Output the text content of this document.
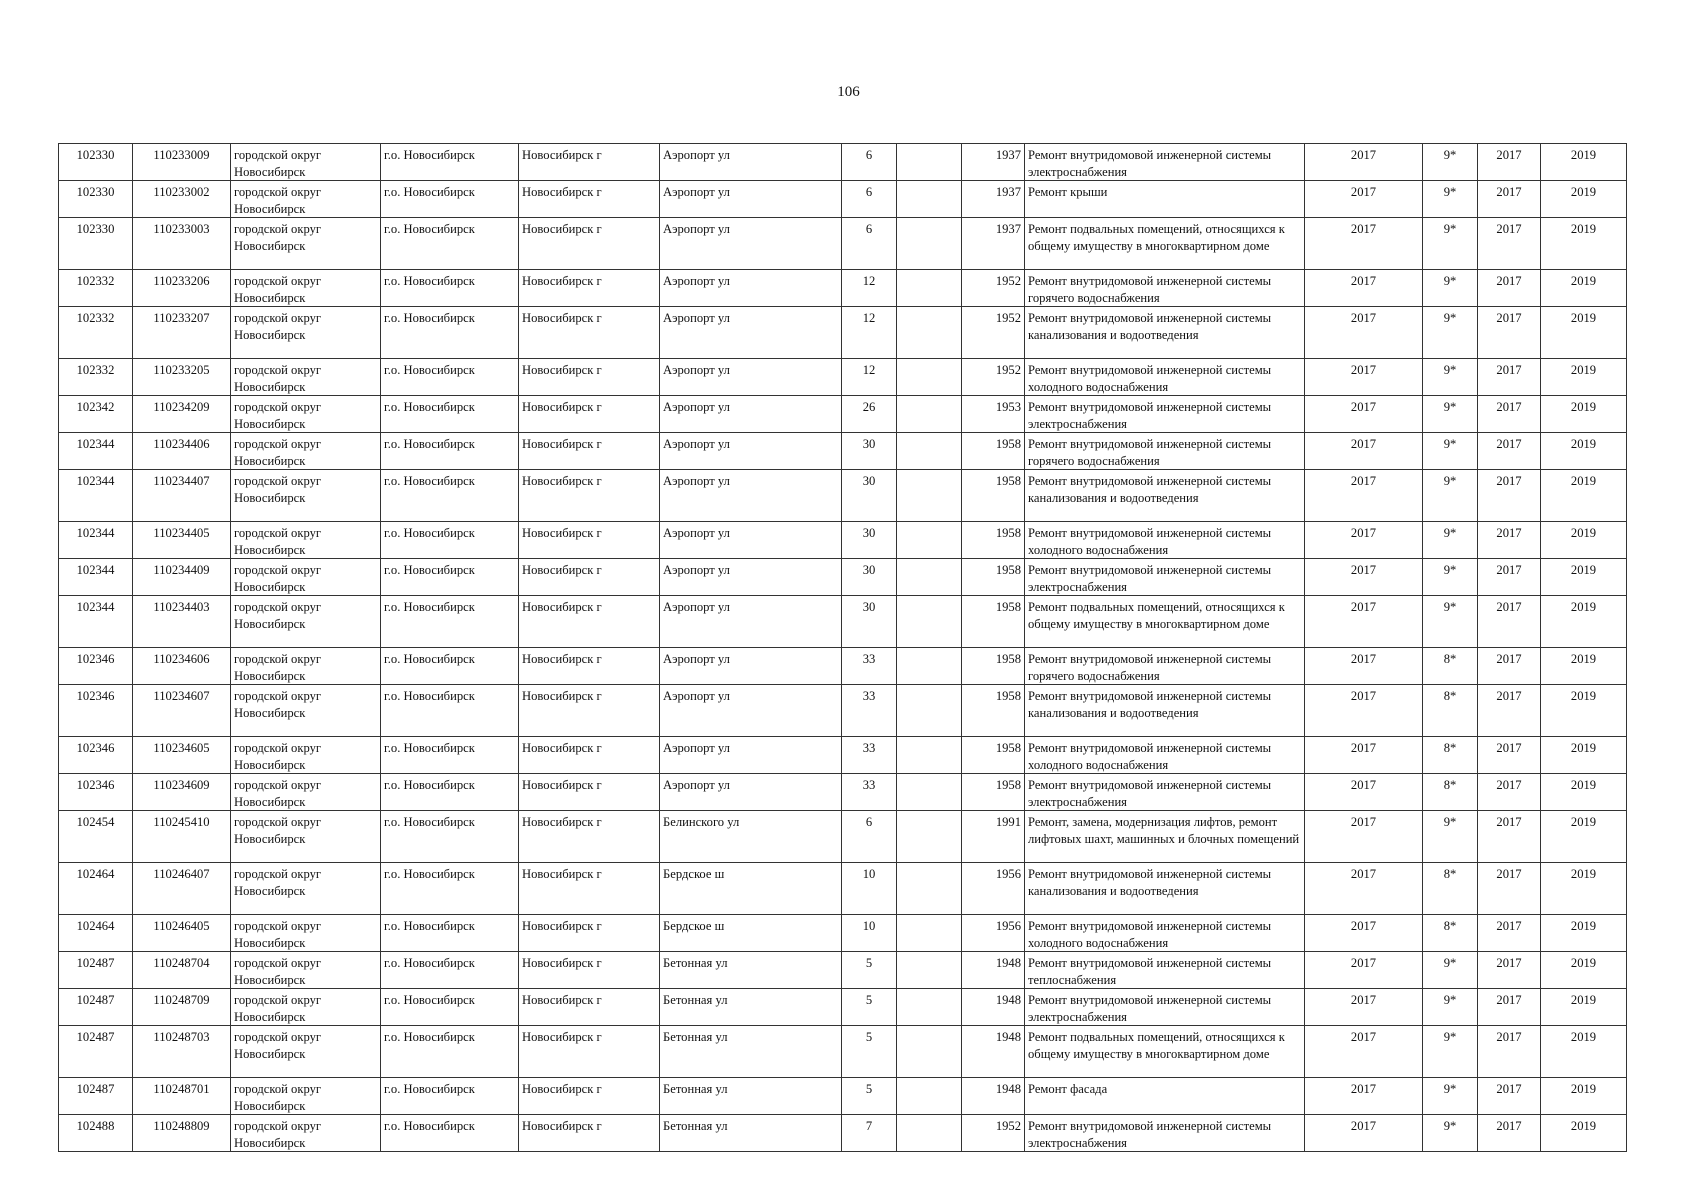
106
102330	110233009	городской округ Новосибирск	г.о. Новосибирск	Новосибирск г	Аэропорт ул	6		1937	Ремонт внутридомовой инженерной системы электроснабжения	2017	9*	2017	2019
102330	110233002	городской округ Новосибирск	г.о. Новосибирск	Новосибирск г	Аэропорт ул	6		1937	Ремонт крыши	2017	9*	2017	2019
102330	110233003	городской округ Новосибирск	г.о. Новосибирск	Новосибирск г	Аэропорт ул	6		1937	Ремонт подвальных помещений, относящихся к общему имуществу в многоквартирном доме	2017	9*	2017	2019
102332	110233206	городской округ Новосибирск	г.о. Новосибирск	Новосибирск г	Аэропорт ул	12		1952	Ремонт внутридомовой инженерной системы горячего водоснабжения	2017	9*	2017	2019
102332	110233207	городской округ Новосибирск	г.о. Новосибирск	Новосибирск г	Аэропорт ул	12		1952	Ремонт внутридомовой инженерной системы канализования и водоотведения	2017	9*	2017	2019
102332	110233205	городской округ Новосибирск	г.о. Новосибирск	Новосибирск г	Аэропорт ул	12		1952	Ремонт внутридомовой инженерной системы холодного водоснабжения	2017	9*	2017	2019
102342	110234209	городской округ Новосибирск	г.о. Новосибирск	Новосибирск г	Аэропорт ул	26		1953	Ремонт внутридомовой инженерной системы электроснабжения	2017	9*	2017	2019
102344	110234406	городской округ Новосибирск	г.о. Новосибирск	Новосибирск г	Аэропорт ул	30		1958	Ремонт внутридомовой инженерной системы горячего водоснабжения	2017	9*	2017	2019
102344	110234407	городской округ Новосибирск	г.о. Новосибирск	Новосибирск г	Аэропорт ул	30		1958	Ремонт внутридомовой инженерной системы канализования и водоотведения	2017	9*	2017	2019
102344	110234405	городской округ Новосибирск	г.о. Новосибирск	Новосибирск г	Аэропорт ул	30		1958	Ремонт внутридомовой инженерной системы холодного водоснабжения	2017	9*	2017	2019
102344	110234409	городской округ Новосибирск	г.о. Новосибирск	Новосибирск г	Аэропорт ул	30		1958	Ремонт внутридомовой инженерной системы электроснабжения	2017	9*	2017	2019
102344	110234403	городской округ Новосибирск	г.о. Новосибирск	Новосибирск г	Аэропорт ул	30		1958	Ремонт подвальных помещений, относящихся к общему имуществу в многоквартирном доме	2017	9*	2017	2019
102346	110234606	городской округ Новосибирск	г.о. Новосибирск	Новосибирск г	Аэропорт ул	33		1958	Ремонт внутридомовой инженерной системы горячего водоснабжения	2017	8*	2017	2019
102346	110234607	городской округ Новосибирск	г.о. Новосибирск	Новосибирск г	Аэропорт ул	33		1958	Ремонт внутридомовой инженерной системы канализования и водоотведения	2017	8*	2017	2019
102346	110234605	городской округ Новосибирск	г.о. Новосибирск	Новосибирск г	Аэропорт ул	33		1958	Ремонт внутридомовой инженерной системы холодного водоснабжения	2017	8*	2017	2019
102346	110234609	городской округ Новосибирск	г.о. Новосибирск	Новосибирск г	Аэропорт ул	33		1958	Ремонт внутридомовой инженерной системы электроснабжения	2017	8*	2017	2019
102454	110245410	городской округ Новосибирск	г.о. Новосибирск	Новосибирск г	Белинского ул	6		1991	Ремонт, замена, модернизация лифтов, ремонт лифтовых шахт, машинных и блочных помещений	2017	9*	2017	2019
102464	110246407	городской округ Новосибирск	г.о. Новосибирск	Новосибирск г	Бердское ш	10		1956	Ремонт внутридомовой инженерной системы канализования и водоотведения	2017	8*	2017	2019
102464	110246405	городской округ Новосибирск	г.о. Новосибирск	Новосибирск г	Бердское ш	10		1956	Ремонт внутридомовой инженерной системы холодного водоснабжения	2017	8*	2017	2019
102487	110248704	городской округ Новосибирск	г.о. Новосибирск	Новосибирск г	Бетонная ул	5		1948	Ремонт внутридомовой инженерной системы теплоснабжения	2017	9*	2017	2019
102487	110248709	городской округ Новосибирск	г.о. Новосибирск	Новосибирск г	Бетонная ул	5		1948	Ремонт внутридомовой инженерной системы электроснабжения	2017	9*	2017	2019
102487	110248703	городской округ Новосибирск	г.о. Новосибирск	Новосибирск г	Бетонная ул	5		1948	Ремонт подвальных помещений, относящихся к общему имуществу в многоквартирном доме	2017	9*	2017	2019
102487	110248701	городской округ Новосибирск	г.о. Новосибирск	Новосибирск г	Бетонная ул	5		1948	Ремонт фасада	2017	9*	2017	2019
102488	110248809	городской округ Новосибирск	г.о. Новосибирск	Новосибирск г	Бетонная ул	7		1952	Ремонт внутридомовой инженерной системы электроснабжения	2017	9*	2017	2019
